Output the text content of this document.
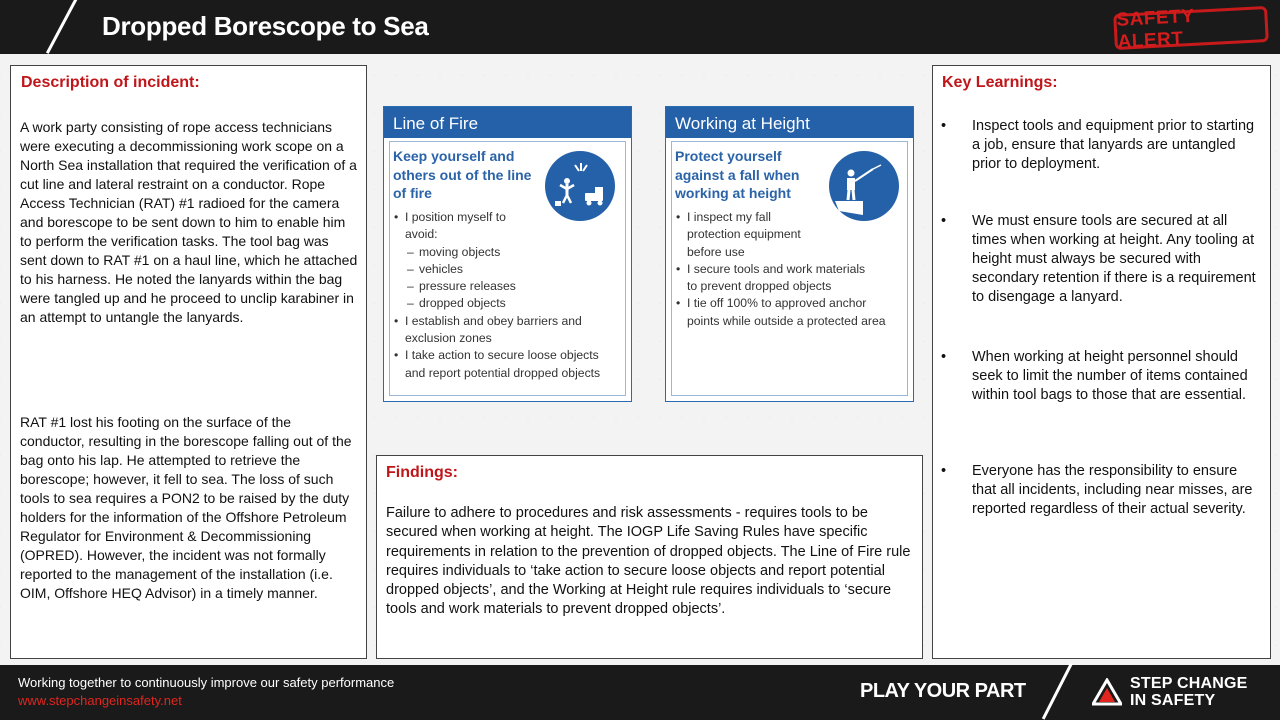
Dropped Borescope to Sea	SAFETY ALERT
Description of incident:

A work party consisting of rope access technicians were executing a decommissioning work scope on a North Sea installation that required the verification of a cut line and lateral restraint on a conductor. Rope Access Technician (RAT) #1 radioed for the camera and borescope to be sent down to him to enable him to perform the verification tasks. The tool bag was sent down to RAT #1 on a haul line, which he attached to his harness. He noted the lanyards within the bag were tangled up and he proceed to unclip karabiner in an attempt to untangle the lanyards.

RAT #1 lost his footing on the surface of the conductor, resulting in the borescope falling out of the bag onto his lap. He attempted to retrieve the borescope; however, it fell to sea. The loss of such tools to sea requires a PON2 to be raised by the duty holders for the information of the Offshore Petroleum Regulator for Environment & Decommissioning (OPRED). However, the incident was not formally reported to the management of the installation (i.e. OIM, Offshore HEQ Advisor) in a timely manner.

Line of Fire
Keep yourself and others out of the line of fire
• I position myself to
avoid:
– moving objects
– vehicles
– pressure releases
– dropped objects
• I establish and obey barriers and
exclusion zones
• I take action to secure loose objects
and report potential dropped objects
Working at Height
Protect yourself against a fall when working at height
• I inspect my fall
protection equipment
before use
• I secure tools and work materials
to prevent dropped objects
• I tie off 100% to approved anchor
points while outside a protected area
Findings:

Failure to adhere to procedures and risk assessments - requires tools to be secured when working at height. The IOGP Life Saving Rules have specific requirements in relation to the prevention of dropped objects. The Line of Fire rule requires individuals to ‘take action to secure loose objects and report potential dropped objects’, and the Working at Height rule requires individuals to ‘secure tools and work materials to prevent dropped objects’.

Key Learnings:
• Inspect tools and equipment prior to starting a job, ensure that lanyards are untangled prior to deployment.
• We must ensure tools are secured at all times when working at height. Any tooling at height must always be secured with secondary retention if there is a requirement to disengage a lanyard.
• When working at height personnel should seek to limit the number of items contained within tool bags to those that are essential.
• Everyone has the responsibility to ensure that all incidents, including near misses, are reported regardless of their actual severity.
Working together to continuously improve our safety performance
www.stepchangeinsafety.net	PLAY YOUR PART	STEP CHANGE
IN SAFETY
